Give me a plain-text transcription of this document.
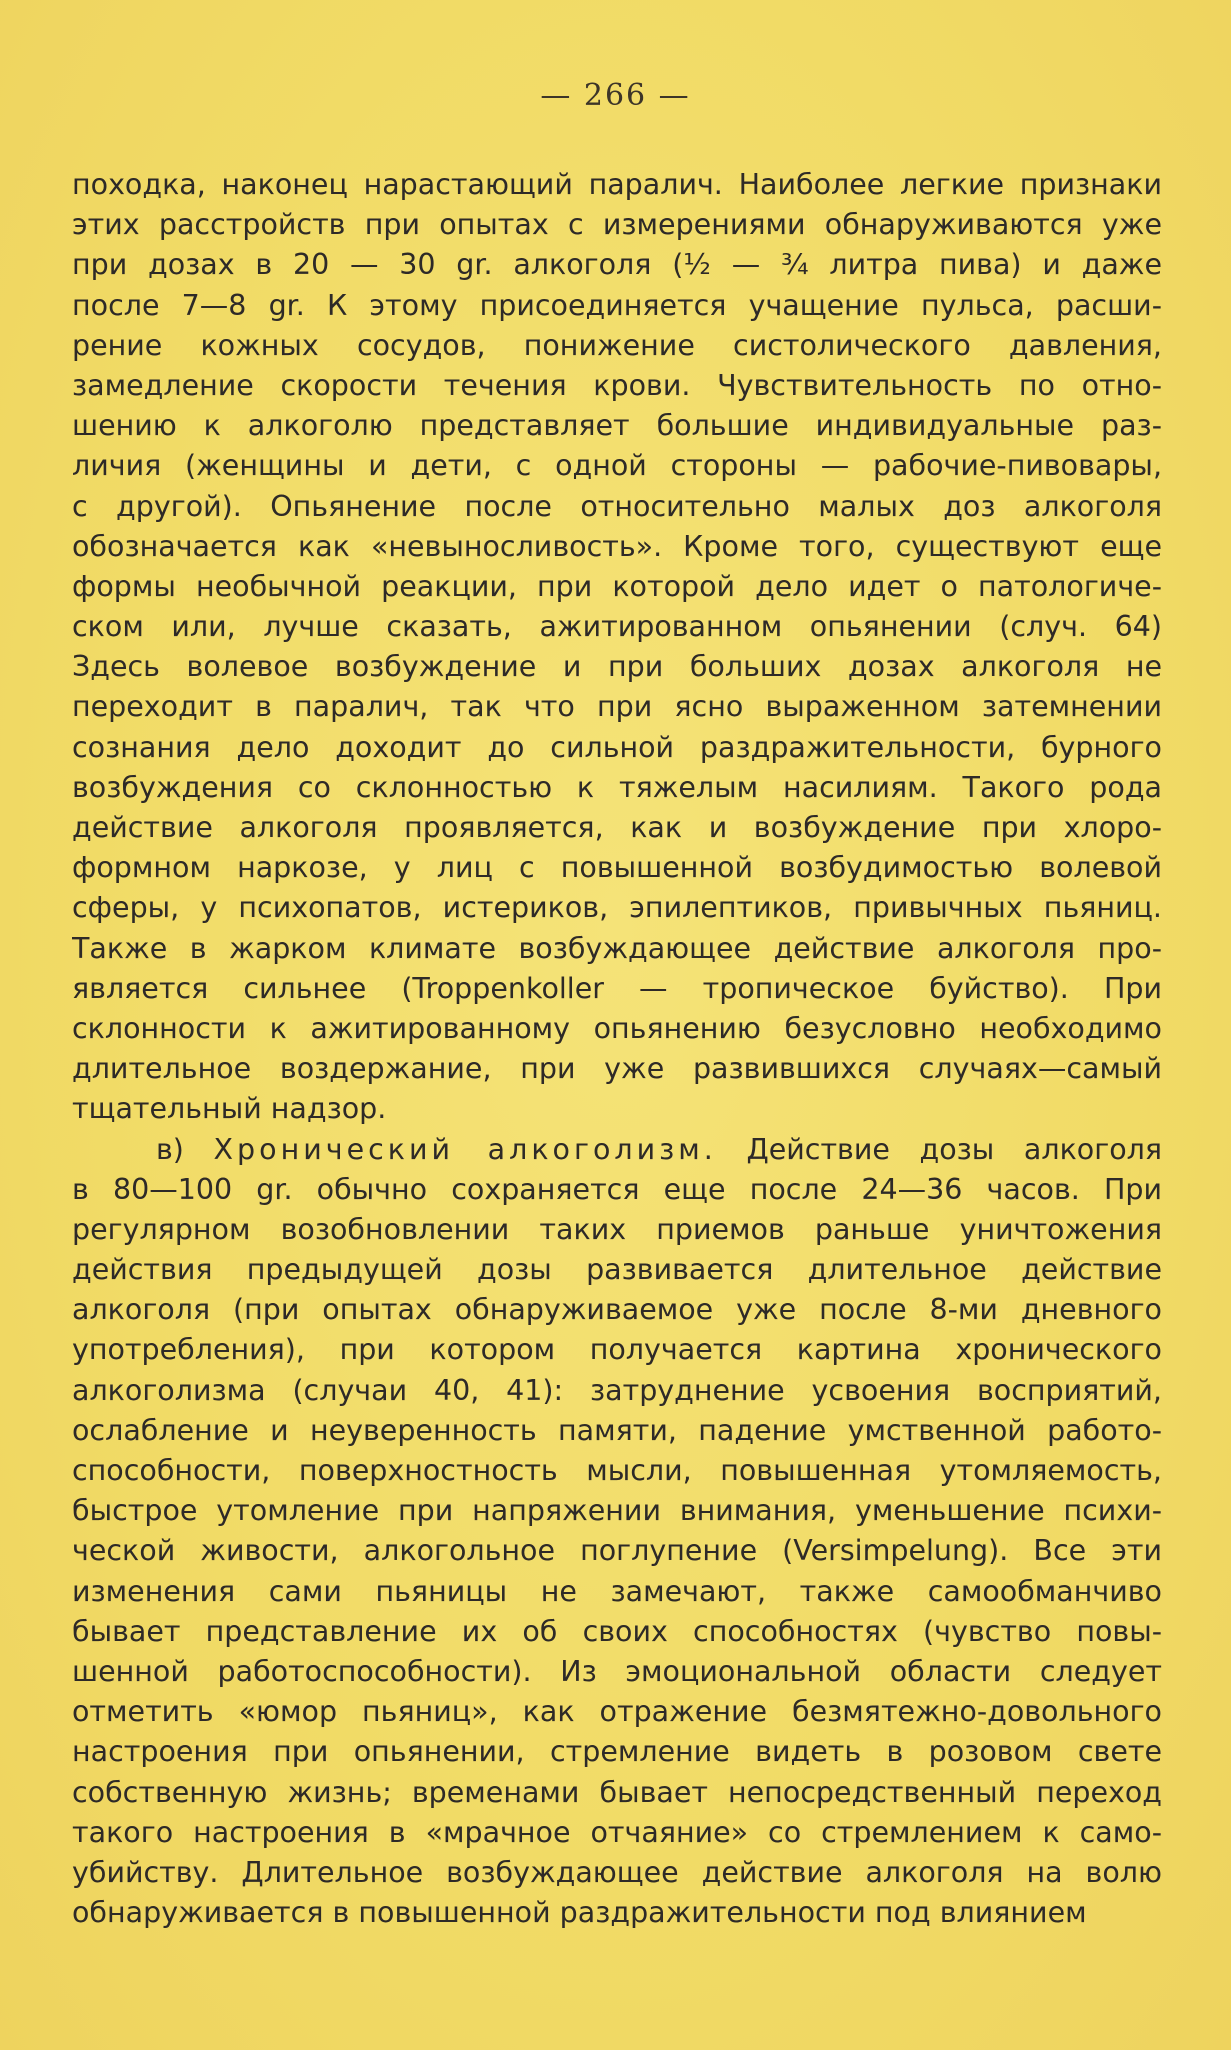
— 266 —
походка, наконец нарастающий паралич. Наиболее легкие признаки
этих расстройств при опытах с измерениями обнаруживаются уже
при дозах в 20 — 30 gr. алкоголя (½ — ¾ литра пива) и даже
после 7—8 gr. К этому присоединяется учащение пульса, расши-
рение кожных сосудов, понижение систолического давления,
замедление скорости течения крови. Чувствительность по отно-
шению к алкоголю представляет большие индивидуальные раз-
личия (женщины и дети, с одной стороны — рабочие-пивовары,
с другой). Опьянение после относительно малых доз алкоголя
обозначается как «невыносливость». Кроме того, существуют еще
формы необычной реакции, при которой дело идет о патологиче-
ском или, лучше сказать, ажитированном опьянении (случ. 64)
Здесь волевое возбуждение и при больших дозах алкоголя не
переходит в паралич, так что при ясно выраженном затемнении
сознания дело доходит до сильной раздражительности, бурного
возбуждения со склонностью к тяжелым насилиям. Такого рода
действие алкоголя проявляется, как и возбуждение при хлоро-
формном наркозе, у лиц с повышенной возбудимостью волевой
сферы, у психопатов, истериков, эпилептиков, привычных пьяниц.
Также в жарком климате возбуждающее действие алкоголя про-
является сильнее (Troppenkoller — тропическое буйство). При
склонности к ажитированному опьянению безусловно необходимо
длительное воздержание, при уже развившихся случаях—самый
тщательный надзор.
в) Хронический алкоголизм. Действие дозы алкоголя
в 80—100 gr. обычно сохраняется еще после 24—36 часов. При
регулярном возобновлении таких приемов раньше уничтожения
действия предыдущей дозы развивается длительное действие
алкоголя (при опытах обнаруживаемое уже после 8-ми дневного
употребления), при котором получается картина хронического
алкоголизма (случаи 40, 41): затруднение усвоения восприятий,
ослабление и неуверенность памяти, падение умственной работо-
способности, поверхностность мысли, повышенная утомляемость,
быстрое утомление при напряжении внимания, уменьшение психи-
ческой живости, алкогольное поглупение (Versimpelung). Все эти
изменения сами пьяницы не замечают, также самообманчиво
бывает представление их об своих способностях (чувство повы-
шенной работоспособности). Из эмоциональной области следует
отметить «юмор пьяниц», как отражение безмятежно-довольного
настроения при опьянении, стремление видеть в розовом свете
собственную жизнь; временами бывает непосредственный переход
такого настроения в «мрачное отчаяние» со стремлением к само-
убийству. Длительное возбуждающее действие алкоголя на волю
обнаруживается в повышенной раздражительности под влиянием
